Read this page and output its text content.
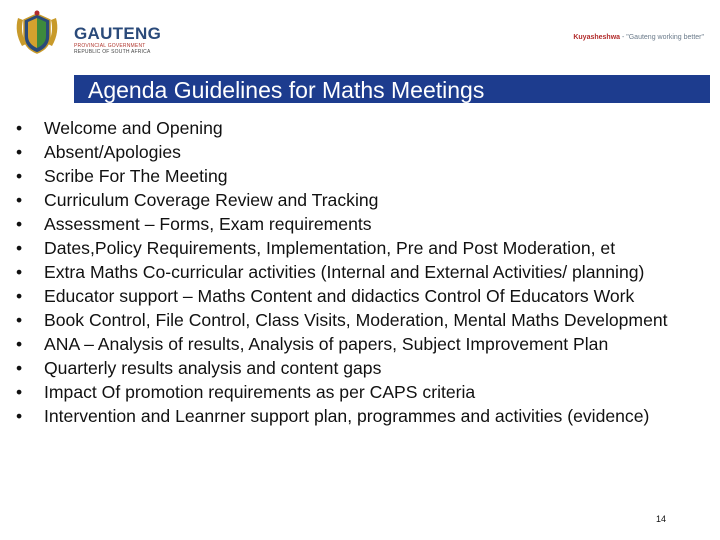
GAUTENG
PROVINCIAL GOVERNMENT
REPUBLIC OF SOUTH AFRICA
Kuyasheshwa - "Gauteng working better"
Agenda Guidelines for Maths Meetings
• Welcome and Opening
• Absent/Apologies
• Scribe For The Meeting
• Curriculum Coverage Review and Tracking
• Assessment – Forms, Exam requirements
• Dates,Policy Requirements, Implementation, Pre and Post Moderation, et
• Extra Maths Co-curricular activities (Internal and External Activities/ planning)
• Educator support – Maths Content and didactics Control Of Educators Work
• Book Control, File Control, Class Visits, Moderation, Mental Maths Development
• ANA – Analysis of results, Analysis of papers, Subject Improvement Plan
• Quarterly results analysis and content gaps
• Impact Of promotion requirements as per CAPS criteria
• Intervention and Leanrner support plan, programmes and activities (evidence)
14
